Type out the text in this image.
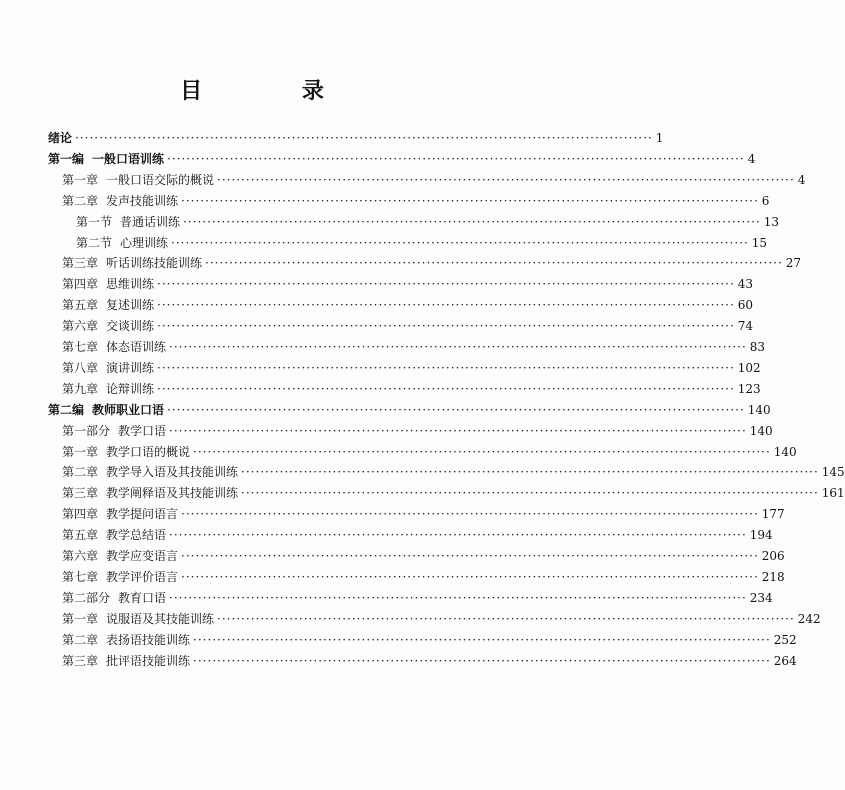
目 录
绪论 ························································································································ 1
第一编 一般口语训练 ························································································································ 4
第一章 一般口语交际的概说 ························································································································ 4
第二章 发声技能训练 ························································································································ 6
第一节 普通话训练 ························································································································ 13
第二节 心理训练 ························································································································ 15
第三章 听话训练技能训练 ························································································································ 27
第四章 思维训练 ························································································································ 43
第五章 复述训练 ························································································································ 60
第六章 交谈训练 ························································································································ 74
第七章 体态语训练 ························································································································ 83
第八章 演讲训练 ························································································································ 102
第九章 论辩训练 ························································································································ 123
第二编 教师职业口语 ························································································································ 140
第一部分 教学口语 ························································································································ 140
第一章 教学口语的概说 ························································································································ 140
第二章 教学导入语及其技能训练 ························································································································ 145
第三章 教学阐释语及其技能训练 ························································································································ 161
第四章 教学提问语言 ························································································································ 177
第五章 教学总结语 ························································································································ 194
第六章 教学应变语言 ························································································································ 206
第七章 教学评价语言 ························································································································ 218
第二部分 教育口语 ························································································································ 234
第一章 说服语及其技能训练 ························································································································ 242
第二章 表扬语技能训练 ························································································································ 252
第三章 批评语技能训练 ························································································································ 264
